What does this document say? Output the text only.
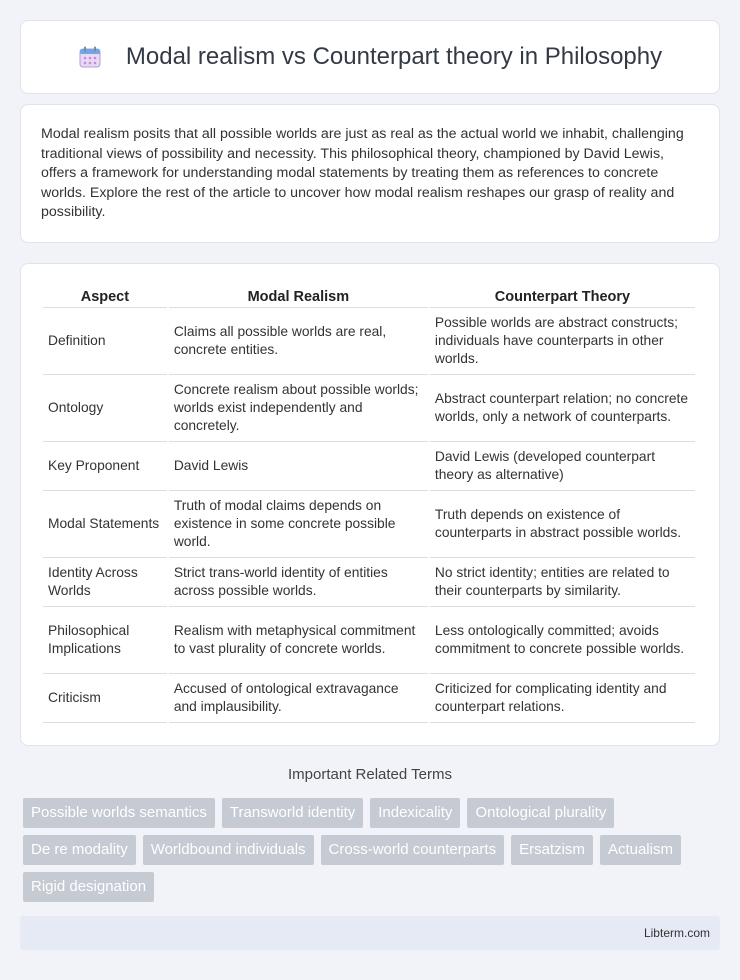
Modal realism vs Counterpart theory in Philosophy

Modal realism posits that all possible worlds are just as real as the actual world we inhabit, challenging traditional views of possibility and necessity. This philosophical theory, championed by David Lewis, offers a framework for understanding modal statements by treating them as references to concrete worlds. Explore the rest of the article to uncover how modal realism reshapes our grasp of reality and possibility.

Aspect	Modal Realism	Counterpart Theory
Definition	Claims all possible worlds are real, concrete entities.	Possible worlds are abstract constructs; individuals have counterparts in other worlds.
Ontology	Concrete realism about possible worlds; worlds exist independently and concretely.	Abstract counterpart relation; no concrete worlds, only a network of counterparts.
Key Proponent	David Lewis	David Lewis (developed counterpart theory as alternative)
Modal Statements	Truth of modal claims depends on existence in some concrete possible world.	Truth depends on existence of counterparts in abstract possible worlds.
Identity Across Worlds	Strict trans-world identity of entities across possible worlds.	No strict identity; entities are related to their counterparts by similarity.
Philosophical Implications	Realism with metaphysical commitment to vast plurality of concrete worlds.	Less ontologically committed; avoids commitment to concrete possible worlds.
Criticism	Accused of ontological extravagance and implausibility.	Criticized for complicating identity and counterpart relations.
Important Related Terms
Possible worlds semantics	Transworld identity	Indexicality	Ontological plurality
De re modality	Worldbound individuals	Cross-world counterparts	Ersatzism	Actualism
Rigid designation
Libterm.com
